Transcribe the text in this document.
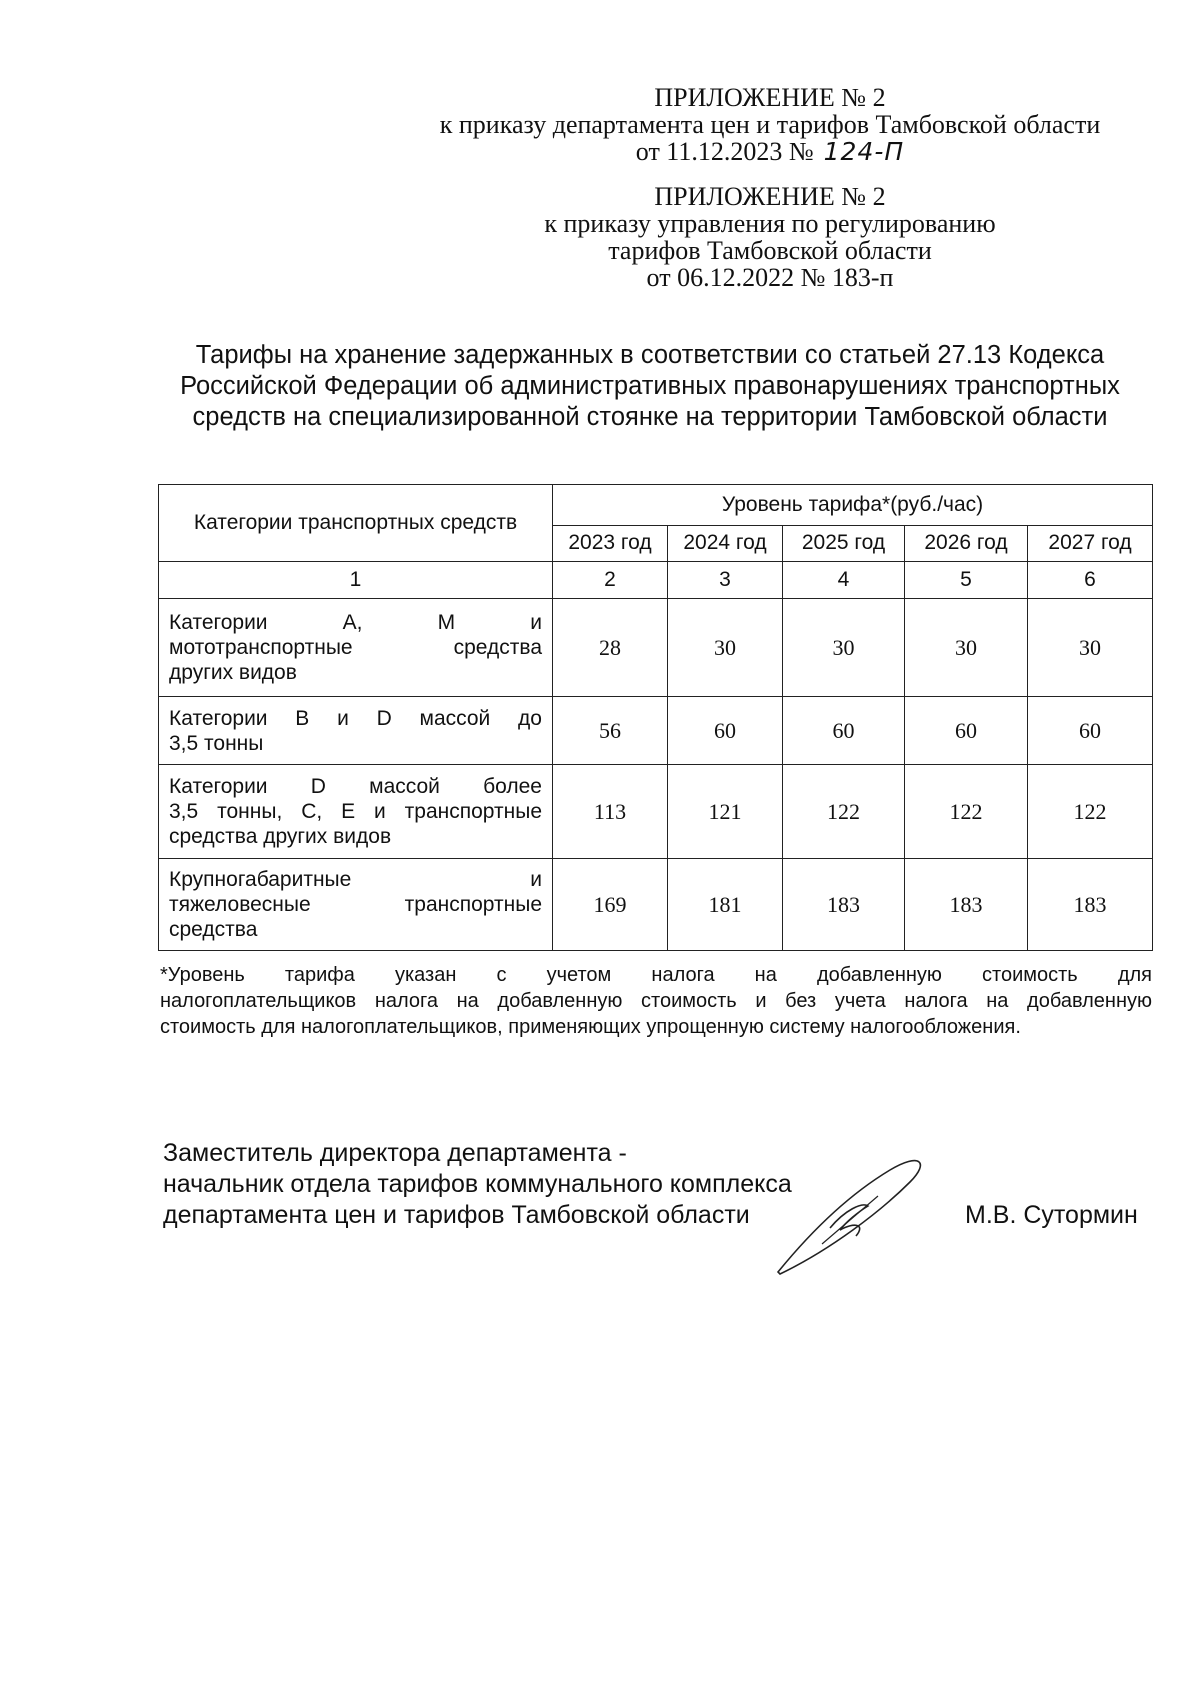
ПРИЛОЖЕНИЕ № 2
к приказу департамента цен и тарифов Тамбовской области
от 11.12.2023 № 124-П
ПРИЛОЖЕНИЕ № 2
к приказу управления по регулированию
тарифов Тамбовской области
от 06.12.2022 № 183-п
Тарифы на хранение задержанных в соответствии со статьей 27.13 Кодекса
Российской Федерации об административных правонарушениях транспортных
средств на специализированной стоянке на территории Тамбовской области
Категории транспортных средств	Уровень тарифа*(руб./час)				
	2023 год	2024 год	2025 год	2026 год	2027 год
1	2	3	4	5	6

Категории А, М и
мототранспортные средства
других видов	28	30	30	30	30

Категории В и D массой до
3,5 тонны	56	60	60	60	60

Категории D массой более
3,5 тонны, С, Е и транспортные
средства других видов	113	121	122	122	122

Крупногабаритные и
тяжеловесные транспортные
средства	169	181	183	183	183
*Уровень тарифа указан с учетом налога на добавленную стоимость для
налогоплательщиков налога на добавленную стоимость и без учета налога на добавленную
стоимость для налогоплательщиков, применяющих упрощенную систему налогообложения.
Заместитель директора департамента -
начальник отдела тарифов коммунального комплекса
департамента цен и тарифов Тамбовской области	М.В. Сутормин
